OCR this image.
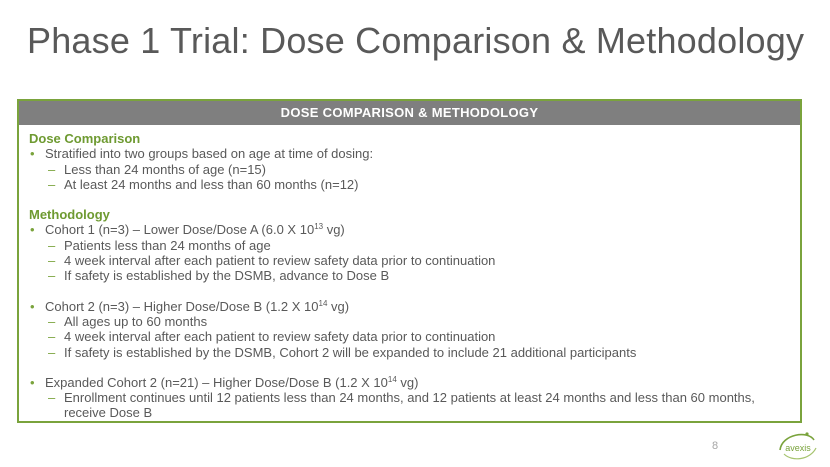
Phase 1 Trial: Dose Comparison & Methodology
DOSE COMPARISON & METHODOLOGY
Dose Comparison
• Stratified into two groups based on age at time of dosing:
– Less than 24 months of age (n=15)
– At least 24 months and less than 60 months (n=12)
Methodology
• Cohort 1 (n=3) – Lower Dose/Dose A (6.0 X $10^{13}$ vg)
– Patients less than 24 months of age
– 4 week interval after each patient to review safety data prior to continuation
– If safety is established by the DSMB, advance to Dose B
• Cohort 2 (n=3) – Higher Dose/Dose B (1.2 X $10^{14}$ vg)
– All ages up to 60 months
– 4 week interval after each patient to review safety data prior to continuation
– If safety is established by the DSMB, Cohort 2 will be expanded to include 21 additional participants
• Expanded Cohort 2 (n=21) – Higher Dose/Dose B (1.2 X $10^{14}$ vg)
– Enrollment continues until 12 patients less than 24 months, and 12 patients at least 24 months and less than 60 months, receive Dose B
8	avexis
